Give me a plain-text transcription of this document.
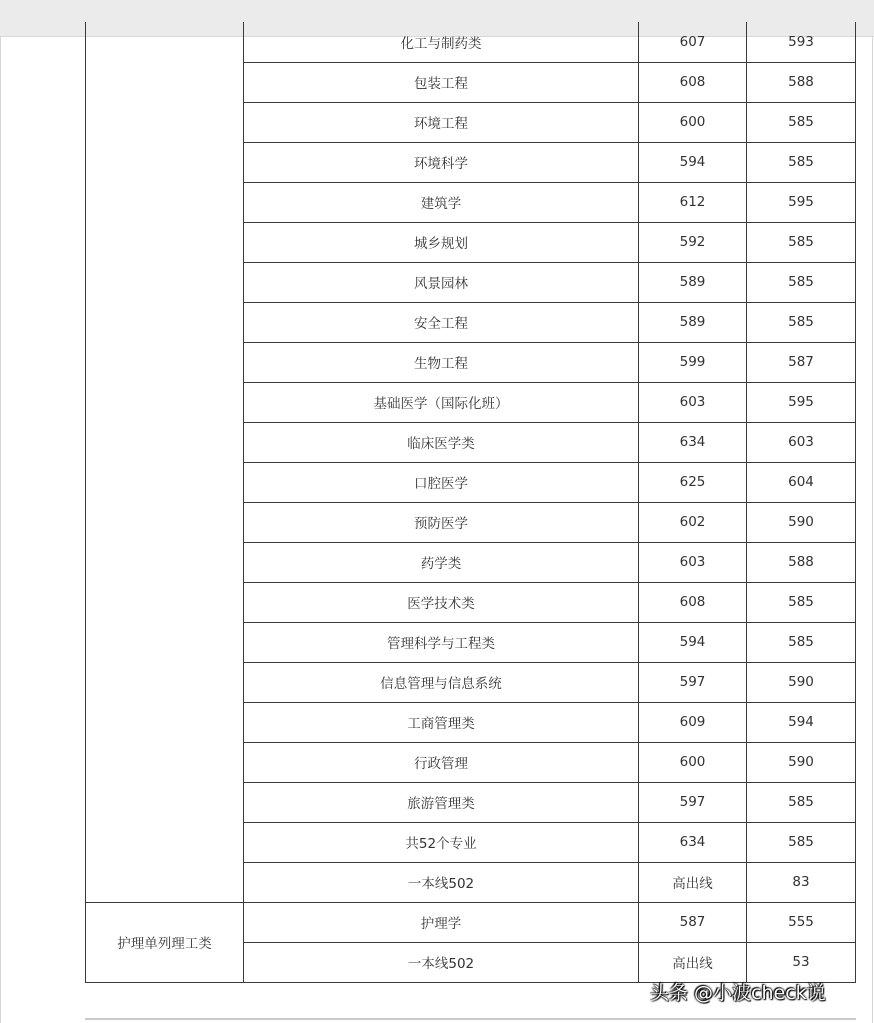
	化工与制药类	607	593
	包装工程	608	588
	环境工程	600	585
	环境科学	594	585
	建筑学	612	595
	城乡规划	592	585
	风景园林	589	585
	安全工程	589	585
	生物工程	599	587
	基础医学（国际化班）	603	595
	临床医学类	634	603
	口腔医学	625	604
	预防医学	602	590
	药学类	603	588
	医学技术类	608	585
	管理科学与工程类	594	585
	信息管理与信息系统	597	590
	工商管理类	609	594
	行政管理	600	590
	旅游管理类	597	585
	共52个专业	634	585
	一本线502	高出线	83
护理单列理工类	护理学	587	555
	一本线502	高出线	53
头条 @小波check说
